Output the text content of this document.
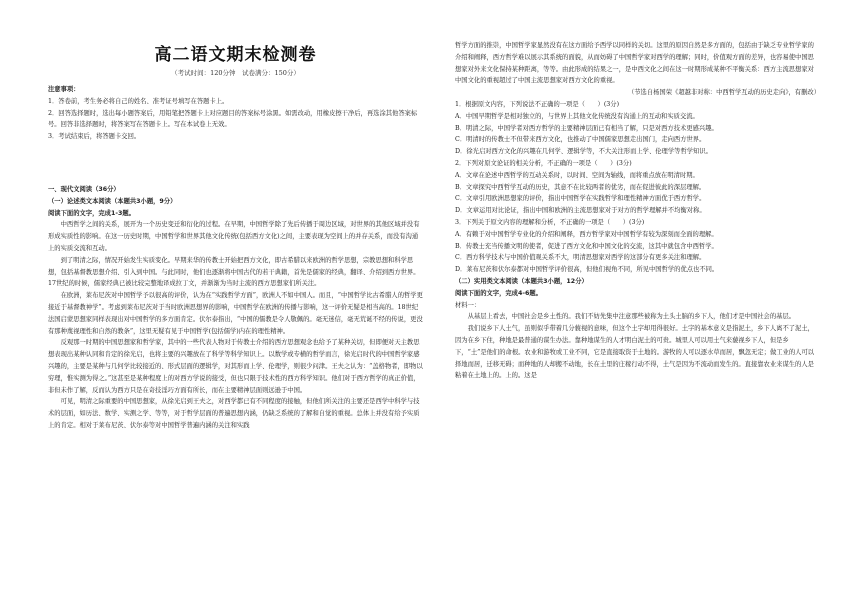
高二语文期末检测卷
（考试时间：120分钟　试卷满分：150分）

注意事项：

1．答卷前，考生务必将自己的姓名、准考证号填写在答题卡上。

2．回答选择题时，选出每小题答案后，用铅笔把答题卡上对应题目的答案标号涂黑。如需改动，用橡皮擦干净后，再选涂其他答案标号。回答非选择题时，将答案写在答题卡上。写在本试卷上无效。

3．考试结束后，将答题卡交回。

一、现代文阅读（36分）

（一）论述类文本阅读（本题共3小题，9分）

阅读下面的文字，完成1-3题。

中西哲学之间的关系，展开为一个历史变迁和衍化的过程。在早期，中国哲学除了先后传播于周边区域，对世界的其他区域并没有形成实质性的影响。在这一历史时期，中国哲学和世界其他文化传统(包括西方文化)之间，主要表现为空间上的并存关系，而没有沟通上的实质交流和互动。

到了明清之际，情况开始发生实质变化。早期来华的传教士开始把西方文化，即古希腊以来欧洲的哲学思想，宗教思想和科学思想，包括基督教思想介绍、引入到中国。与此同时，他们也逐渐将中国古代的若干典籍，首先是儒家的经典，翻译、介绍到西方世界。17世纪的时候，儒家经典已被比较完整地译成拉丁文，并渐渐为当时主流的西方思想家们所关注。

在欧洲，莱布尼茨对中国哲学予以很高的评价，认为在“实践哲学方面”，欧洲人不如中国人。而且，“中国哲学比古希腊人的哲学更接近于基督教神学”。考虑到莱布尼茨对于当时欧洲思想界的影响，中国哲学在欧洲的传播与影响，这一评价无疑是相当高的。18世纪法国启蒙思想家同样表现出对中国哲学的多方面肯定。伏尔泰指出，“中国的儒教是令人敬佩的。毫无迷信，毫无荒诞不经的传说，更没有那种蔑视理性和自然的教条”，这里无疑有见于中国哲学(包括儒学)内在的理性精神。

反观那一时期的中国思想家和哲学家，其中的一些代表人物对于传教士介绍的西方思想观念也给予了某种关切，但即便对天主教思想表现出某种认同和肯定的徐光启，也将主要的兴趣放在了科学等科学知识上。以数学或专横的哲学而言，徐光启时代的中国哲学家感兴趣的，主要是某种与几何学比较接近的、形式层面的逻辑学，对其形而上学、伦理学，则很少问津。王夫之认为：“盖格物者，即物以穷理，惟实测为得之。”这甚至是某种程度上的对西方学说的接受，但也只限于技术性的西方科学知识。他们对于西方哲学的真正价值，非但未作了解，反而认为西方只是在奇技淫巧方面有所长，而在主要精神层面则远逊于中国。

可见，明清之际重要的中国思想家，从徐光启到王夫之，对西学都已有不同程度的接触，但他们所关注的主要还是西学中科学与技术的层面，如历法、数学、实测之学、等等，对于哲学层面的普遍思想内涵，仍缺乏系统的了解和自觉的重视。总体上并没有给予实质上的肯定。相对于莱布尼茨、伏尔泰等对中国哲学普遍内涵的关注和实践

哲学方面的推崇，中国哲学家显然没有在这方面给予西学以同样的关切。这里的原因自然是多方面的，包括由于缺乏专业哲学家的介绍和阐释，西方哲学难以展示其系统的面貌，从而妨碍了中国哲学家对西学的理解；同时，价值观方面的差异，也容易使中国思想家对外来文化保持某种距离，等等。由此形成的结果之一，是中西文化之间在这一时期形成某种不平衡关系：西方主流思想家对中国文化的重视超过了中国主流思想家对西方文化的重视。

（节选自杨国荣《超越非对称：中西哲学互动的历史走向》，有删改）

1．根据原文内容，下列说法不正确的一项是（　　）(3分)

A．中国早期哲学是相对独立的，与世界上其他文化传统没有沟通上的互动和实质交流。

B．明清之际，中国学者对西方哲学的主要精神层面已有相当了解，只是对西方技术更感兴趣。

C．明清时的传教士不但带来西方文化，也推动了中国儒家思想走出国门，走向西方世界。

D．徐光启对西方文化的兴趣在几何学、逻辑学等，不大关注形而上学、伦理学等哲学知识。

2．下列对原文论证的相关分析，不正确的一项是（　　）(3分)

A．文章在论述中西哲学的互动关系时，以时间、空间为轴线，而将重点放在明清时期。

B．文章探究中西哲学互动的历史，其意不在比较两者的优劣，而在促进彼此的深层理解。

C．文章引用欧洲思想家的评价，指出中国哲学在实践哲学和理性精神方面优于西方哲学。

D．文章运用对比论证，指出中国和欧洲的主流思想家对于对方的哲学理解并不均衡对称。

3．下列关于原文内容的理解和分析，不正确的一项是（　　）(3分)

A．有赖于对中国哲学专业化的介绍和阐释，西方哲学家对中国哲学有较为深刻而全面的理解。

B．传教士充当传播文明的使者，促进了西方文化和中国文化的交流，这其中就包含中西哲学。

C．西方科学技术与中国价值观关系不大，明清思想家对西学的这部分有更多关注和理解。

D．莱布尼茨和伏尔泰都对中国哲学评价很高，但他们视角不同，所见中国哲学的优点也不同。

（二）实用类文本阅读（本题共3小题，12分）

阅读下面的文字，完成4-6题。

材料一：

从基层上看去，中国社会是乡土性的。我们不妨先集中注意那些被称为土头土脑的乡下人，他们才是中国社会的基层。

我们说乡下人土气，虽则似乎带着几分藐视的意味，但这个土字却用得很好。土字的基本意义是指泥土，乡下人离不了泥土，因为在乡下住，种地是最普通的谋生办法。靠种地谋生的人才明白泥土的可贵。城里人可以用土气来藐视乡下人，但是乡下，“土”是他们的命根。农业和游牧或工业不同，它是直接取资于土地的。游牧的人可以逐水草而居，飘忽无定；做工业的人可以择地而居，迁移无碍；而种地的人却搬不动地，长在土里的庄稼行动不得，土气是因为不流动而发生的。直接靠农业来谋生的人是粘着在土地上的。上的。这是
